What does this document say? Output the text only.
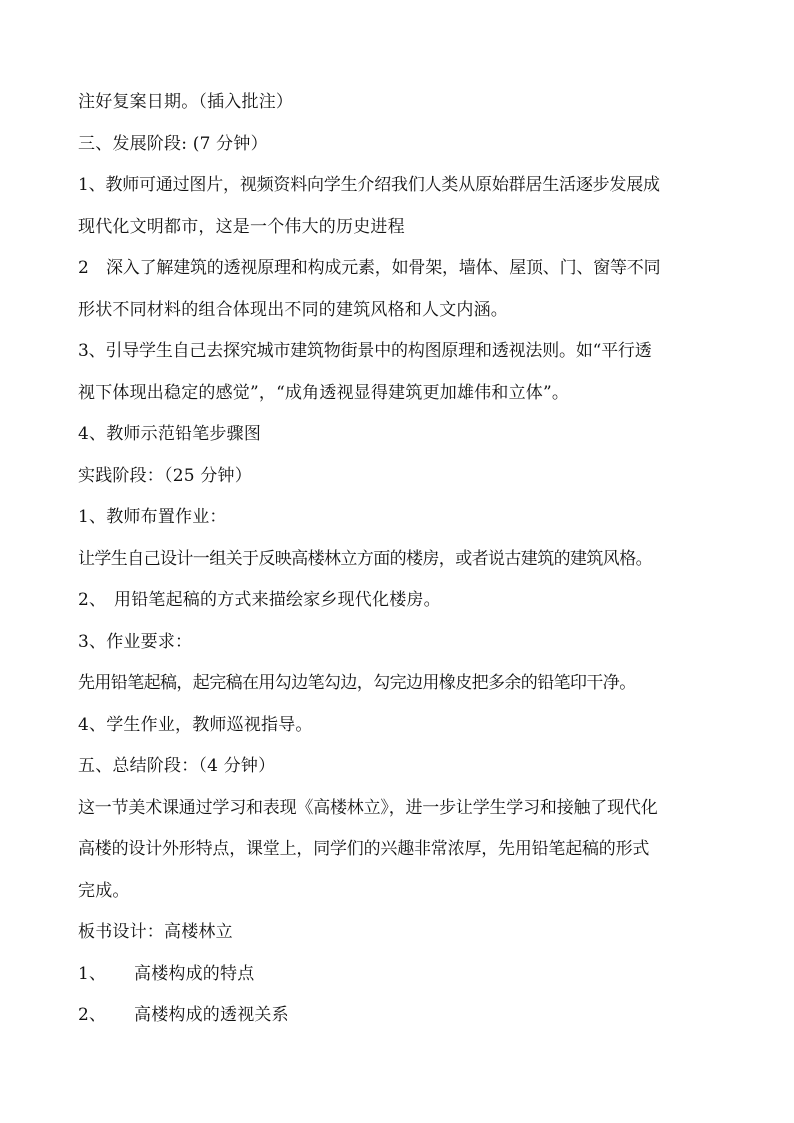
注好复案日期。（插入批注）
三、发展阶段: (7 分钟）
1、教师可通过图片，视频资料向学生介绍我们人类从原始群居生活逐步发展成
现代化文明都市，这是一个伟大的历史进程
2 深入了解建筑的透视原理和构成元素，如骨架，墙体、屋顶、门、窗等不同
形状不同材料的组合体现出不同的建筑风格和人文内涵。
3、引导学生自己去探究城市建筑物街景中的构图原理和透视法则。如“平行透
视下体现出稳定的感觉”，“成角透视显得建筑更加雄伟和立体”。
4、教师示范铅笔步骤图
实践阶段：（25 分钟）
1、教师布置作业：
让学生自己设计一组关于反映高楼林立方面的楼房，或者说古建筑的建筑风格。
2、 用铅笔起稿的方式来描绘家乡现代化楼房。
3、作业要求：
先用铅笔起稿，起完稿在用勾边笔勾边，勾完边用橡皮把多余的铅笔印干净。
4、学生作业，教师巡视指导。
五、总结阶段：（4 分钟）
这一节美术课通过学习和表现《高楼林立》，进一步让学生学习和接触了现代化
高楼的设计外形特点，课堂上，同学们的兴趣非常浓厚，先用铅笔起稿的形式
完成。
板书设计：高楼林立
1、	高楼构成的特点
2、	高楼构成的透视关系
